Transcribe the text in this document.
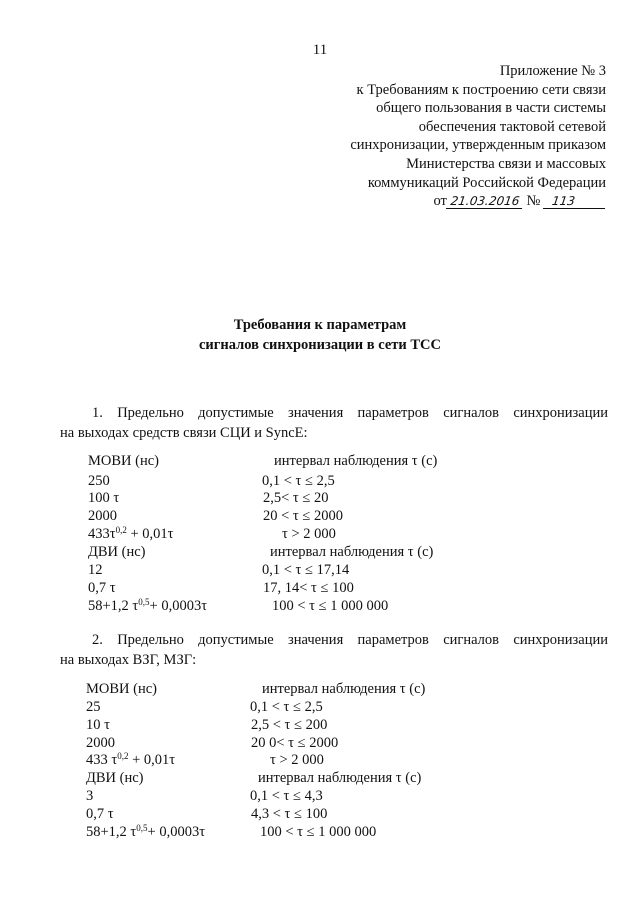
11
Приложение № 3
к Требованиям к построению сети связи
общего пользования в части системы
обеспечения тактовой сетевой
синхронизации, утвержденным приказом
Министерства связи и массовых
коммуникаций Российской Федерации
от 21.03.2016 № 113
Требования к параметрам
сигналов синхронизации в сети ТСС
1. Предельно допустимые значения параметров сигналов синхронизации
на выходах средств связи СЦИ и SyncE:
МОВИ (нс)	интервал наблюдения τ (с)
250	0,1 < τ ≤ 2,5
100 τ	2,5< τ ≤ 20
2000	20 < τ ≤ 2000
$433\tau^{0,2} + 0,01\tau$	τ > 2 000
ДВИ (нс)	интервал наблюдения τ (с)
12	0,1 < τ ≤ 17,14
0,7 τ	17, 14< τ ≤ 100
58+1,2 $\tau^{0,5}+ 0,0003\tau$	100 < τ ≤ 1 000 000
2. Предельно допустимые значения параметров сигналов синхронизации
на выходах ВЗГ, МЗГ:
МОВИ (нс)	интервал наблюдения τ (с)
25	0,1 < τ ≤ 2,5
10 τ	2,5 < τ ≤ 200
2000	20 0< τ ≤ 2000
433 $\tau^{0,2} + 0,01\tau$	τ > 2 000
ДВИ (нс)	интервал наблюдения τ (с)
3	0,1 < τ ≤ 4,3
0,7 τ	4,3 < τ ≤ 100
58+1,2 $\tau^{0,5}+ 0,0003\tau$	100 < τ ≤ 1 000 000
